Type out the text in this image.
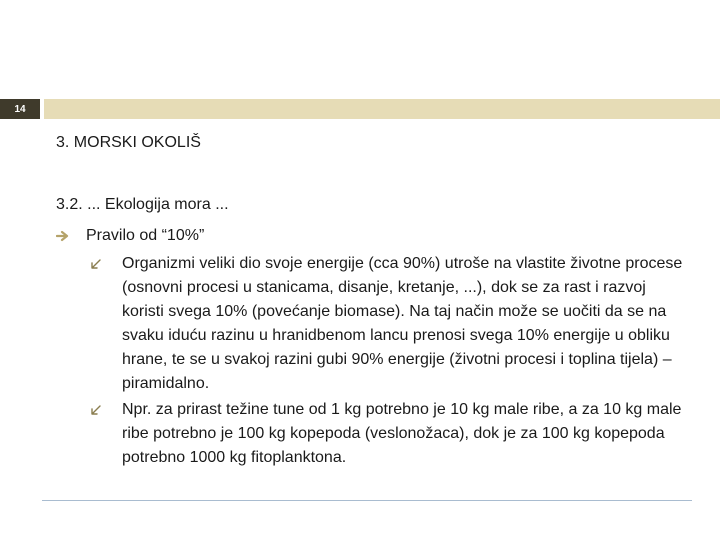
14
3. MORSKI OKOLIŠ
3.2. ... Ekologija mora ...
Pravilo od “10%”
Organizmi veliki dio svoje energije (cca 90%) utroše na vlastite životne procese (osnovni procesi u stanicama, disanje, kretanje, ...), dok se za rast i razvoj koristi svega 10% (povećanje biomase). Na taj način može se uočiti da se na svaku iduću razinu u hranidbenom lancu prenosi svega 10% energije u obliku hrane, te se u svakoj razini gubi 90% energije (životni procesi i toplina tijela) – piramidalno.
Npr. za prirast težine tune od 1 kg potrebno je 10 kg male ribe, a za 10 kg male ribe potrebno je 100 kg kopepoda (veslonožaca), dok je za 100 kg kopepoda potrebno 1000 kg fitoplanktona.
